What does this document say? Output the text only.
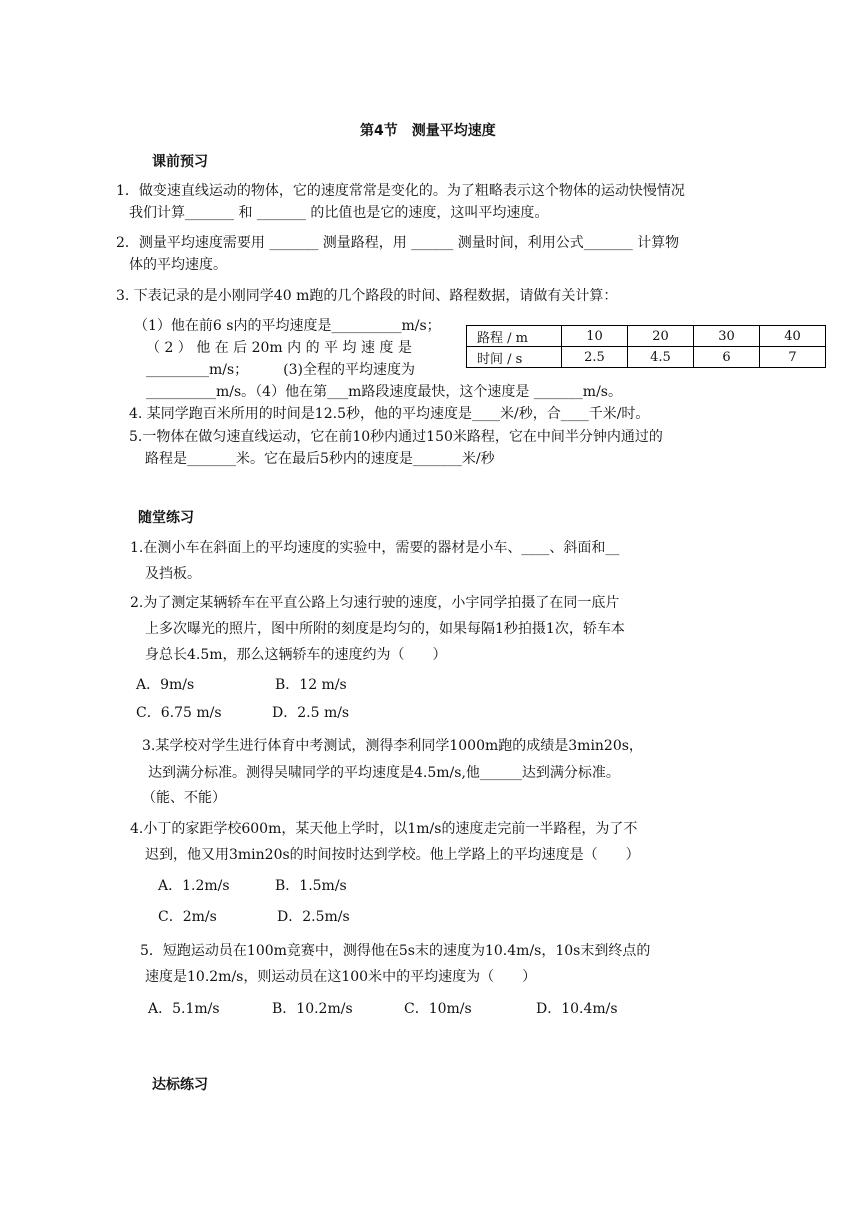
第4节　测量平均速度
课前预习
1．做变速直线运动的物体，它的速度常常是变化的。为了粗略表示这个物体的运动快慢情况
我们计算_______ 和 _______ 的比值也是它的速度，这叫平均速度。
2．测量平均速度需要用 _______ 测量路程，用 ______ 测量时间，利用公式_______ 计算物
体的平均速度。
3. 下表记录的是小刚同学40 m跑的几个路段的时间、路程数据，请做有关计算：
（1）他在前6 s内的平均速度是__________m/s；
（ 2 ） 他 在 后 20m 内 的 平 均 速 度 是
_________m/s；　　　(3)全程的平均速度为
__________m/s。（4）他在第___m路段速度最快，这个速度是 _______m/s。
路程 / m	10	20	30	40
时间 / s	2.5	4.5	6	7
4. 某同学跑百米所用的时间是12.5秒，他的平均速度是____米/秒，合____千米/时。
5.一物体在做匀速直线运动，它在前10秒内通过150米路程，它在中间半分钟内通过的
路程是_______米。它在最后5秒内的速度是_______米/秒
随堂练习
1.在测小车在斜面上的平均速度的实验中，需要的器材是小车、____、斜面和__
及挡板。
2.为了测定某辆轿车在平直公路上匀速行驶的速度，小宇同学拍摄了在同一底片
上多次曝光的照片，图中所附的刻度是均匀的，如果每隔1秒拍摄1次，轿车本
身总长4.5m，那么这辆轿车的速度约为（　　）
A．9m/s	B．12 m/s
C．6.75 m/s	D．2.5 m/s
3.某学校对学生进行体育中考测试，测得李利同学1000m跑的成绩是3min20s，
达到满分标准。测得吴啸同学的平均速度是4.5m/s,他______达到满分标准。
（能、不能）
4.小丁的家距学校600m，某天他上学时，以1m/s的速度走完前一半路程，为了不
迟到，他又用3min20s的时间按时达到学校。他上学路上的平均速度是（　　）
A．1.2m/s	B．1.5m/s
C．2m/s	D．2.5m/s
5．短跑运动员在100m竞赛中，测得他在5s末的速度为10.4m/s，10s末到终点的
速度是10.2m/s，则运动员在这100米中的平均速度为（　　）
A．5.1m/s	B．10.2m/s	C．10m/s	D．10.4m/s
达标练习
